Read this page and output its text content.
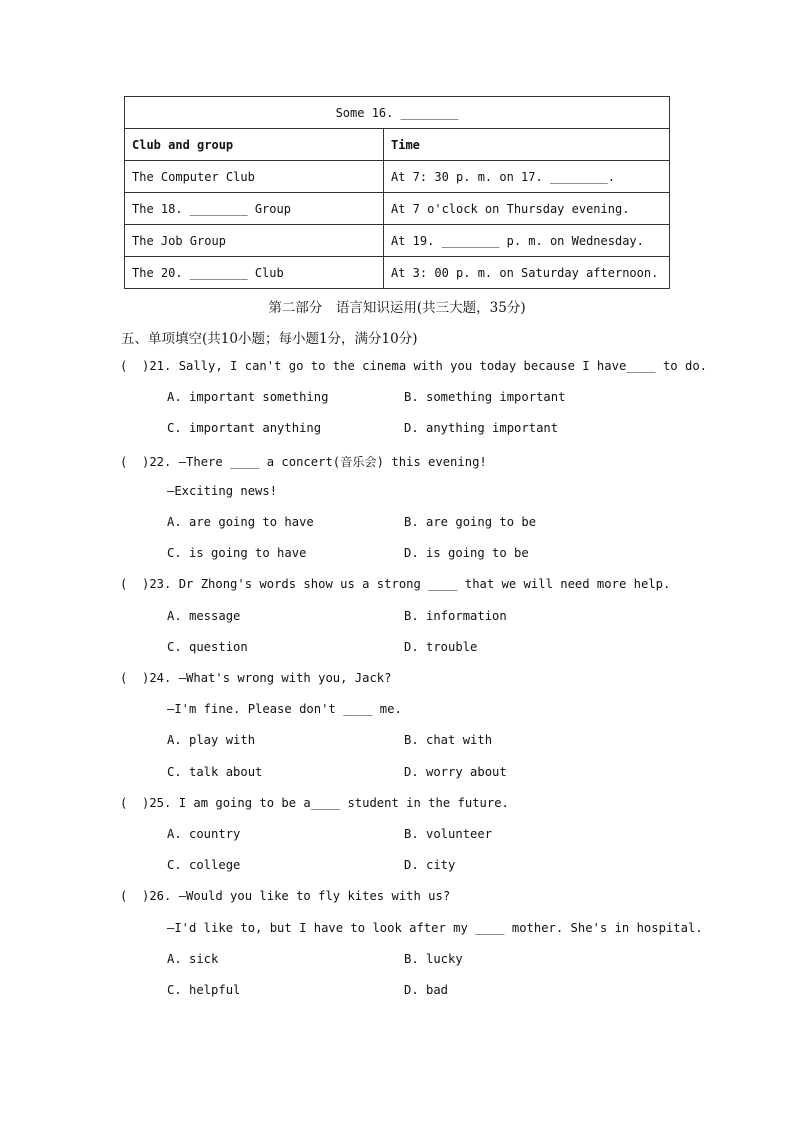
Some 16. ________	
Club and group	Time
The Computer Club	At 7: 30 p. m. on 17. ________.
The 18. ________ Group	At 7 o'clock on Thursday evening.
The Job Group	At 19. ________ p. m. on Wednesday.
The 20. ________ Club	At 3: 00 p. m. on Saturday afternoon.
第二部分　语言知识运用(共三大题，35分)
五、单项填空(共10小题；每小题1分，满分10分)
(  )21. Sally, I can't go to the cinema with you today because I have____ to do.
A. important something	B. something important
C. important anything	D. anything important
(  )22. —There ____ a concert(音乐会) this evening!
—Exciting news!
A. are going to have	B. are going to be
C. is going to have	D. is going to be
(  )23. Dr Zhong's words show us a strong ____ that we will need more help.
A. message	B. information
C. question	D. trouble
(  )24. —What's wrong with you, Jack?
—I'm fine. Please don't ____ me.
A. play with	B. chat with
C. talk about	D. worry about
(  )25. I am going to be a____ student in the future.
A. country	B. volunteer
C. college	D. city
(  )26. —Would you like to fly kites with us?
—I'd like to, but I have to look after my ____ mother. She's in hospital.
A. sick	B. lucky
C. helpful	D. bad
